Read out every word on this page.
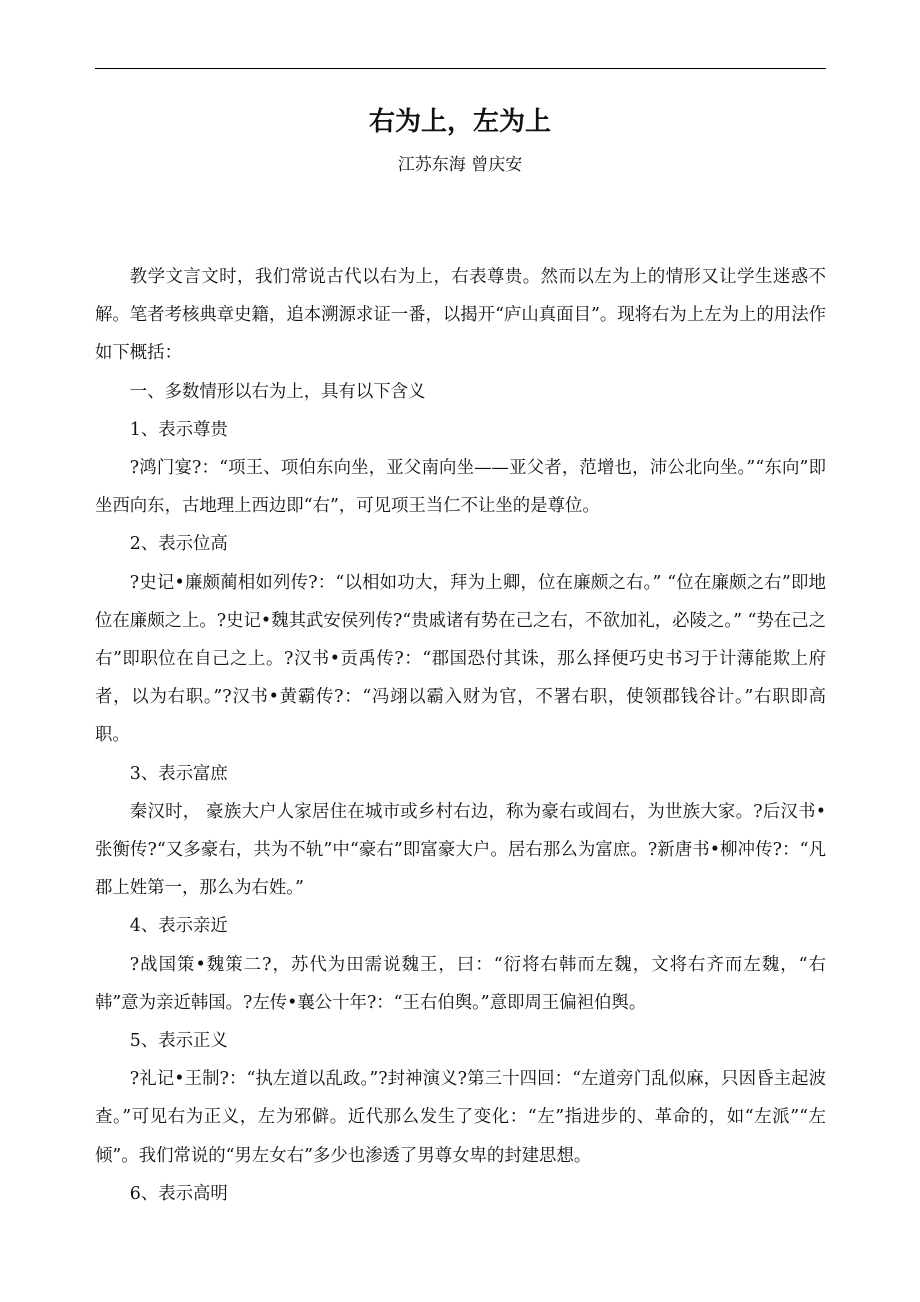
右为上，左为上
江苏东海 曾庆安

教学文言文时，我们常说古代以右为上，右表尊贵。然而以左为上的情形又让学生迷惑不解。笔者考核典章史籍，追本溯源求证一番，以揭开“庐山真面目”。现将右为上左为上的用法作如下概括：

一、多数情形以右为上，具有以下含义

1、表示尊贵

?鸿门宴?：“项王、项伯东向坐，亚父南向坐——亚父者，范增也，沛公北向坐。”“东向”即坐西向东，古地理上西边即“右”，可见项王当仁不让坐的是尊位。

2、表示位高

?史记•廉颇蔺相如列传?：“以相如功大，拜为上卿，位在廉颇之右。” “位在廉颇之右”即地位在廉颇之上。?史记•魏其武安侯列传?“贵戚诸有势在己之右，不欲加礼，必陵之。” “势在己之右”即职位在自己之上。?汉书•贡禹传?：“郡国恐付其诛，那么择便巧史书习于计薄能欺上府者，以为右职。”?汉书•黄霸传?：“冯翊以霸入财为官，不署右职，使领郡钱谷计。”右职即高职。

3、表示富庶

秦汉时， 豪族大户人家居住在城市或乡村右边，称为豪右或闾右，为世族大家。?后汉书•张衡传?“又多豪右，共为不轨”中“豪右”即富豪大户。居右那么为富庶。?新唐书•柳冲传?：“凡郡上姓第一，那么为右姓。”

4、表示亲近

?战国策•魏策二?，苏代为田需说魏王，曰：“衍将右韩而左魏，文将右齐而左魏，“右韩”意为亲近韩国。?左传•襄公十年?：“王右伯舆。”意即周王偏袒伯舆。

5、表示正义

?礼记•王制?：“执左道以乱政。”?封神演义?第三十四回：“左道旁门乱似麻，只因昏主起波查。”可见右为正义，左为邪僻。近代那么发生了变化：“左”指进步的、革命的，如“左派”“左倾”。我们常说的“男左女右”多少也渗透了男尊女卑的封建思想。

6、表示高明
